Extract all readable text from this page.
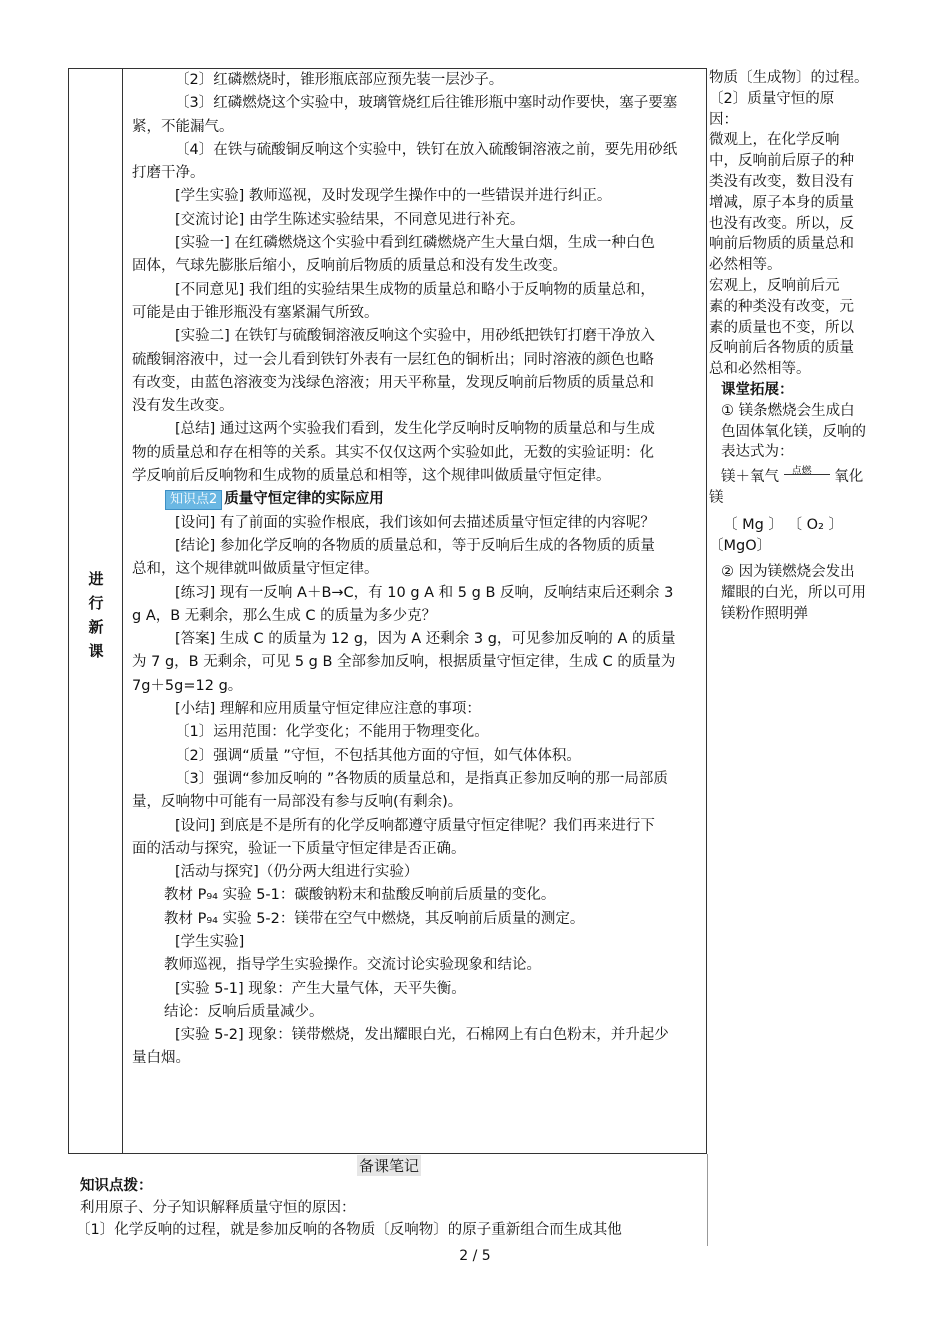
进
行
新
课

〔2〕红磷燃烧时，锥形瓶底部应预先装一层沙子。

〔3〕红磷燃烧这个实验中，玻璃管烧红后往锥形瓶中塞时动作要快，塞子要塞

紧，不能漏气。

〔4〕在铁与硫酸铜反响这个实验中，铁钉在放入硫酸铜溶液之前，要先用砂纸

打磨干净。

[学生实验] 教师巡视，及时发现学生操作中的一些错误并进行纠正。

[交流讨论] 由学生陈述实验结果，不同意见进行补充。

[实验一] 在红磷燃烧这个实验中看到红磷燃烧产生大量白烟，生成一种白色

固体，气球先膨胀后缩小，反响前后物质的质量总和没有发生改变。

[不同意见] 我们组的实验结果生成物的质量总和略小于反响物的质量总和，

可能是由于锥形瓶没有塞紧漏气所致。

[实验二] 在铁钉与硫酸铜溶液反响这个实验中，用砂纸把铁钉打磨干净放入

硫酸铜溶液中，过一会儿看到铁钉外表有一层红色的铜析出；同时溶液的颜色也略

有改变，由蓝色溶液变为浅绿色溶液；用天平称量，发现反响前后物质的质量总和

没有发生改变。

[总结] 通过这两个实验我们看到，发生化学反响时反响物的质量总和与生成

物的质量总和存在相等的关系。其实不仅仅这两个实验如此，无数的实验证明：化

学反响前后反响物和生成物的质量总和相等，这个规律叫做质量守恒定律。

知识点2 质量守恒定律的实际应用

[设问] 有了前面的实验作根底，我们该如何去描述质量守恒定律的内容呢？

[结论] 参加化学反响的各物质的质量总和，等于反响后生成的各物质的质量

总和，这个规律就叫做质量守恒定律。

[练习] 现有一反响 A＋B→C，有 10 g A 和 5 g B 反响，反响结束后还剩余 3

g A，B 无剩余，那么生成 C 的质量为多少克？

[答案] 生成 C 的质量为 12 g，因为 A 还剩余 3 g，可见参加反响的 A 的质量

为 7 g，B 无剩余，可见 5 g B 全部参加反响，根据质量守恒定律，生成 C 的质量为

7g＋5g=12 g。

[小结] 理解和应用质量守恒定律应注意的事项：

〔1〕运用范围：化学变化；不能用于物理变化。

〔2〕强调“质量 ”守恒，不包括其他方面的守恒，如气体体积。

〔3〕强调“参加反响的 ”各物质的质量总和，是指真正参加反响的那一局部质

量，反响物中可能有一局部没有参与反响(有剩余)。

[设问] 到底是不是所有的化学反响都遵守质量守恒定律呢？我们再来进行下

面的活动与探究，验证一下质量守恒定律是否正确。

[活动与探究]（仍分两大组进行实验）

教材 P₉₄ 实验 5-1：碳酸钠粉末和盐酸反响前后质量的变化。

教材 P₉₄ 实验 5-2：镁带在空气中燃烧，其反响前后质量的测定。

[学生实验]

教师巡视，指导学生实验操作。交流讨论实验现象和结论。

[实验 5-1] 现象：产生大量气体，天平失衡。

结论：反响后质量减少。

[实验 5-2] 现象：镁带燃烧，发出耀眼白光，石棉网上有白色粉末，并升起少

量白烟。

物质〔生成物〕的过程。

〔2〕质量守恒的原

因：

微观上，在化学反响

中，反响前后原子的种

类没有改变，数目没有

增减，原子本身的质量

也没有改变。所以，反

响前后物质的质量总和

必然相等。

宏观上，反响前后元

素的种类没有改变，元

素的质量也不变，所以

反响前后各物质的质量

总和必然相等。

课堂拓展：

① 镁条燃烧会生成白

色固体氧化镁，反响的

表达式为：

镁＋氧气 点燃 氧化

镁

〔 Mg 〕 〔 O₂ 〕

〔MgO〕

② 因为镁燃烧会发出

耀眼的白光，所以可用

镁粉作照明弹

备课笔记

知识点拨：

利用原子、分子知识解释质量守恒的原因：

〔1〕化学反响的过程，就是参加反响的各物质〔反响物〕的原子重新组合而生成其他

2 / 5
